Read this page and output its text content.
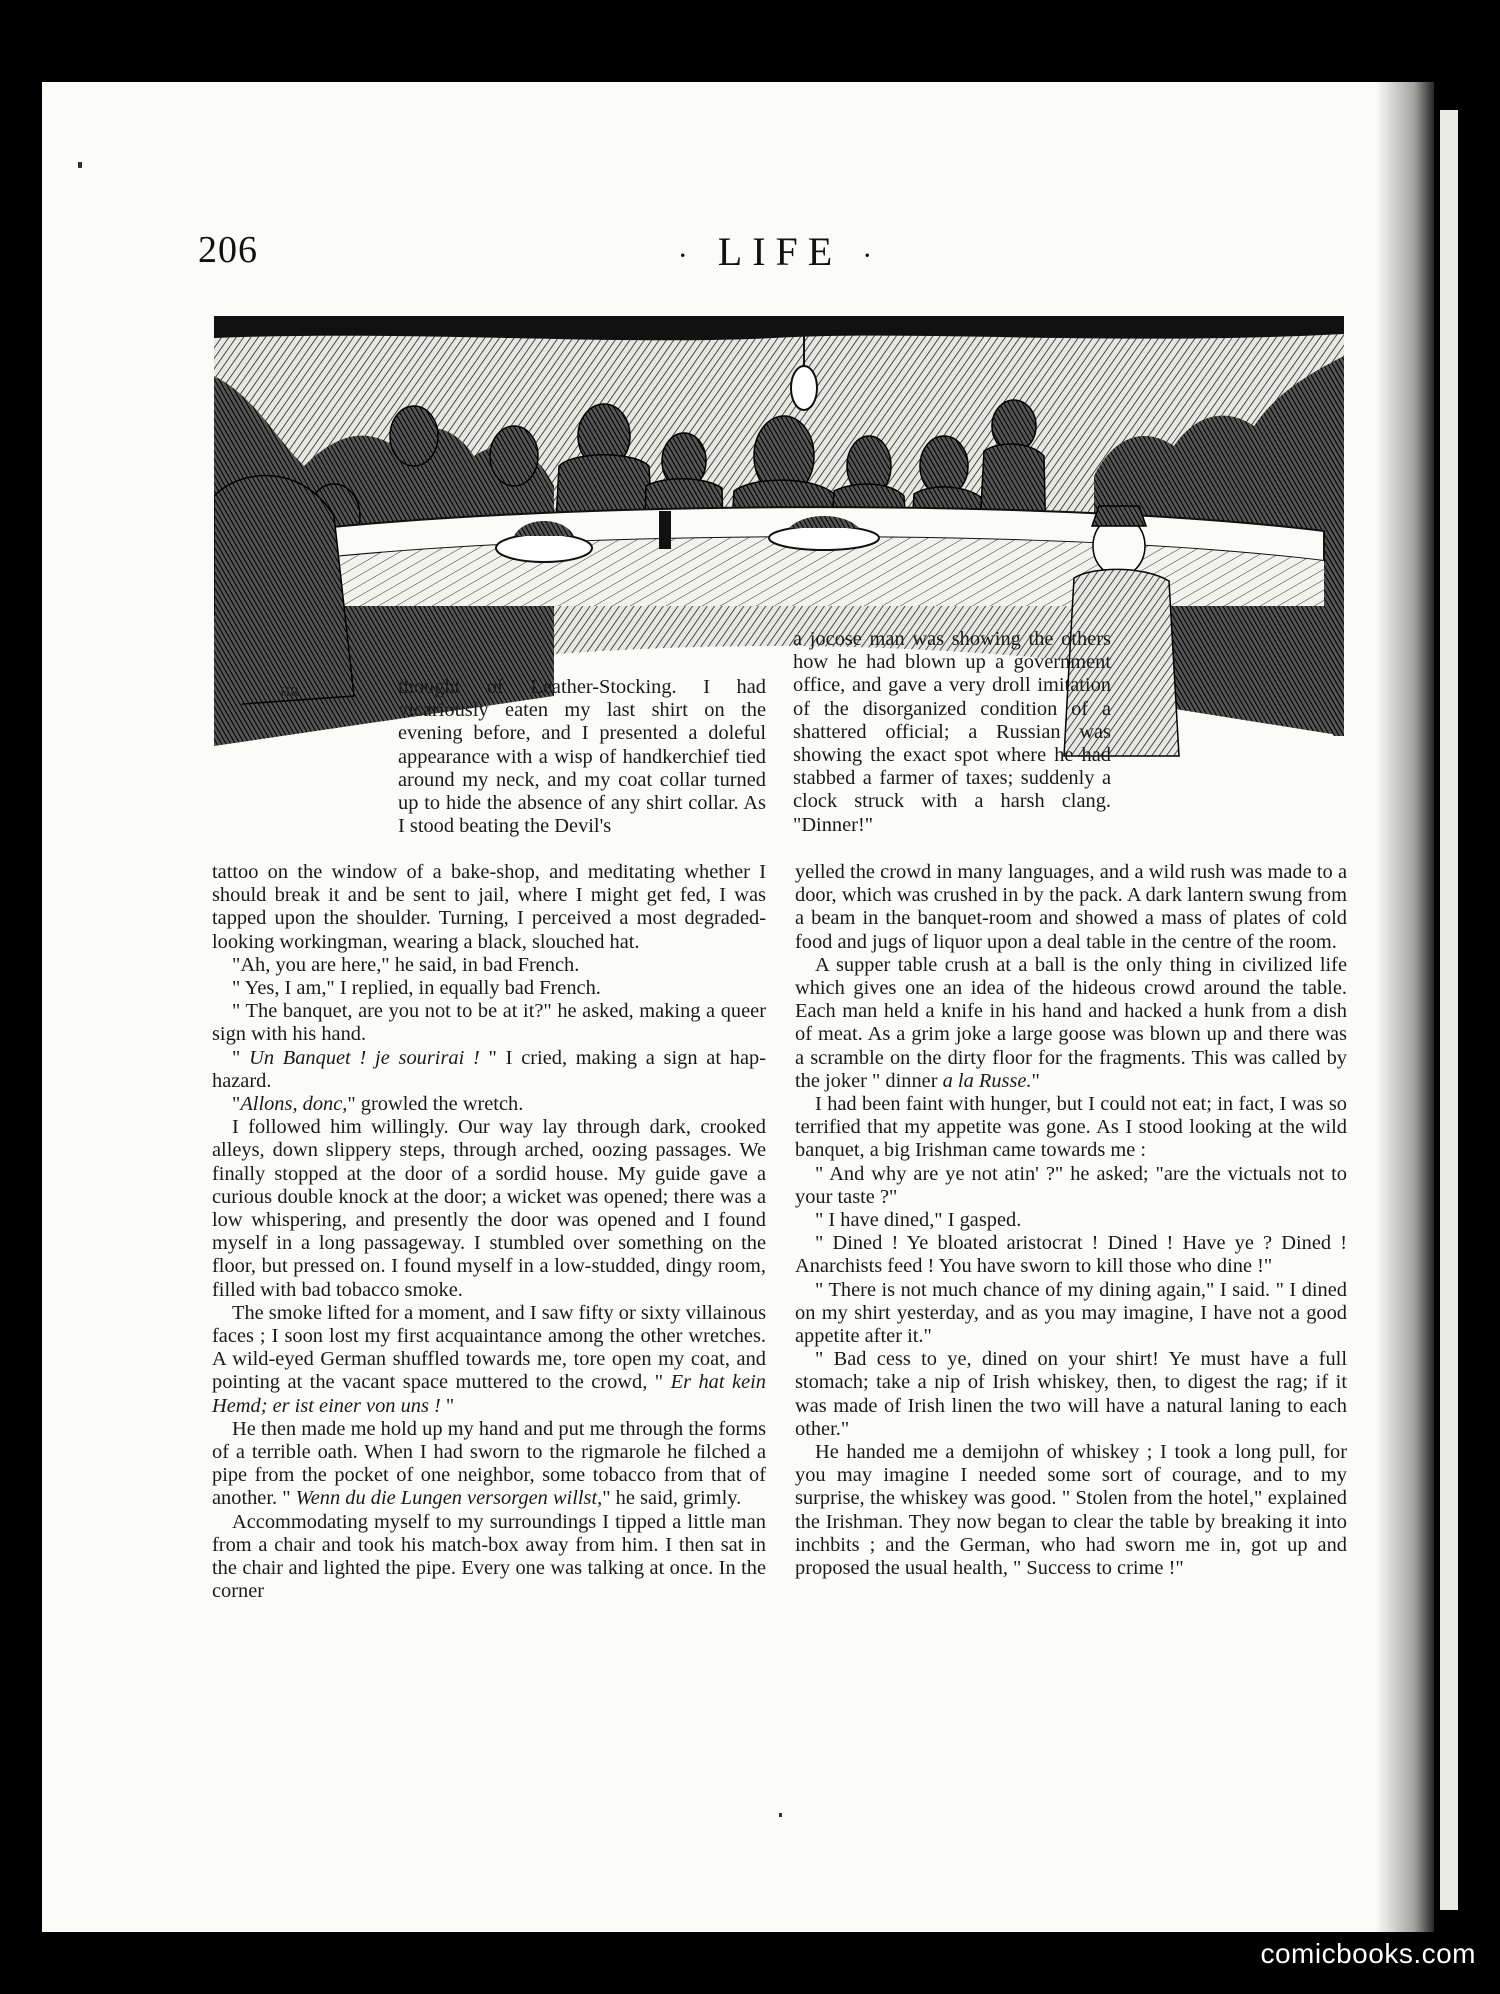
206	· LIFE ·
HR	thought of Leather-Stocking. I had vicariously eaten my last shirt on the evening before, and I presented a doleful appearance with a wisp of handkerchief tied around my neck, and my coat collar turned up to hide the absence of any shirt collar. As I stood beating the Devil's

tattoo on the window of a bake-shop, and meditating whether I should break it and be sent to jail, where I might get fed, I was tapped upon the shoulder. Turning, I perceived a most degraded-looking workingman, wearing a black, slouched hat.

"Ah, you are here," he said, in bad French.

" Yes, I am," I replied, in equally bad French.

" The banquet, are you not to be at it?" he asked, making a queer sign with his hand.

" Un Banquet ! je sourirai ! " I cried, making a sign at hap-hazard.

"Allons, donc," growled the wretch.

I followed him willingly. Our way lay through dark, crooked alleys, down slippery steps, through arched, oozing passages. We finally stopped at the door of a sordid house. My guide gave a curious double knock at the door; a wicket was opened; there was a low whispering, and presently the door was opened and I found myself in a long passageway. I stumbled over something on the floor, but pressed on. I found myself in a low-studded, dingy room, filled with bad tobacco smoke.

The smoke lifted for a moment, and I saw fifty or sixty villainous faces ; I soon lost my first acquaintance among the other wretches. A wild-eyed German shuffled towards me, tore open my coat, and pointing at the vacant space muttered to the crowd, " Er hat kein Hemd; er ist einer von uns ! "

He then made me hold up my hand and put me through the forms of a terrible oath. When I had sworn to the rigmarole he filched a pipe from the pocket of one neighbor, some tobacco from that of another. " Wenn du die Lungen versorgen willst," he said, grimly.

Accommodating myself to my surroundings I tipped a little man from a chair and took his match-box away from him. I then sat in the chair and lighted the pipe. Every one was talking at once. In the corner

a jocose man was showing the others how he had blown up a government office, and gave a very droll imitation of the disorganized condition of a shattered official; a Russian was showing the exact spot where he had stabbed a farmer of taxes; suddenly a clock struck with a harsh clang. "Dinner!"

yelled the crowd in many languages, and a wild rush was made to a door, which was crushed in by the pack. A dark lantern swung from a beam in the banquet-room and showed a mass of plates of cold food and jugs of liquor upon a deal table in the centre of the room.

A supper table crush at a ball is the only thing in civilized life which gives one an idea of the hideous crowd around the table. Each man held a knife in his hand and hacked a hunk from a dish of meat. As a grim joke a large goose was blown up and there was a scramble on the dirty floor for the fragments. This was called by the joker " dinner a la Russe."

I had been faint with hunger, but I could not eat; in fact, I was so terrified that my appetite was gone. As I stood looking at the wild banquet, a big Irishman came towards me :

" And why are ye not atin' ?" he asked; "are the victuals not to your taste ?"

" I have dined," I gasped.

" Dined ! Ye bloated aristocrat ! Dined ! Have ye ? Dined ! Anarchists feed ! You have sworn to kill those who dine !"

" There is not much chance of my dining again," I said. " I dined on my shirt yesterday, and as you may imagine, I have not a good appetite after it."

" Bad cess to ye, dined on your shirt! Ye must have a full stomach; take a nip of Irish whiskey, then, to digest the rag; if it was made of Irish linen the two will have a natural laning to each other."

He handed me a demijohn of whiskey ; I took a long pull, for you may imagine I needed some sort of courage, and to my surprise, the whiskey was good. " Stolen from the hotel," explained the Irishman. They now began to clear the table by breaking it into inchbits ; and the German, who had sworn me in, got up and proposed the usual health, " Success to crime !"

comicbooks.com
